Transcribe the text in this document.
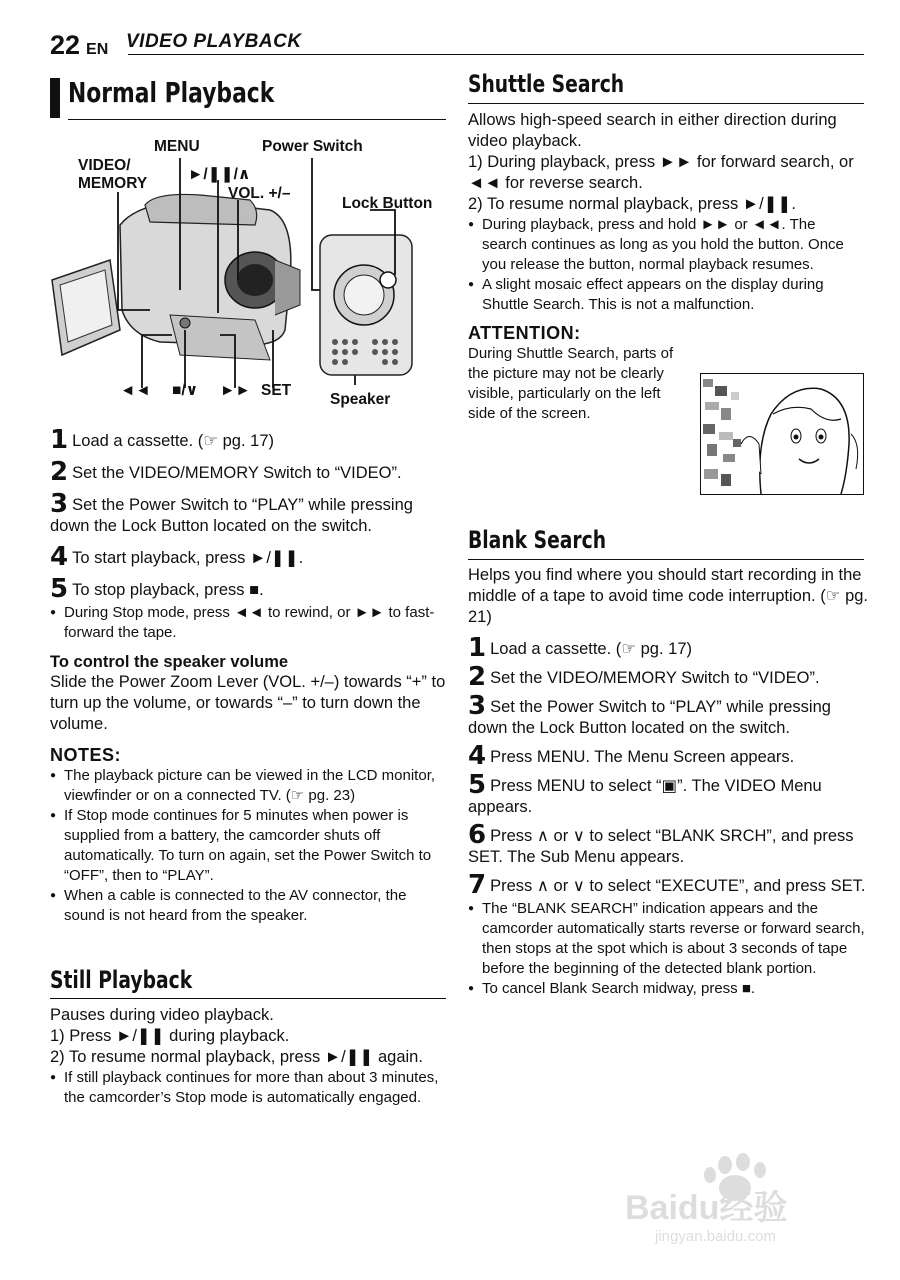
22 EN VIDEO PLAYBACK
Normal Playback
MENU	Power Switch
VIDEO/
MEMORY
►/❚❚/∧
VOL. +/–
Lock Button
◄◄ ■/∨ ►► SET
Speaker
1 Load a cassette. (☞ pg. 17)
2 Set the VIDEO/MEMORY Switch to “VIDEO”.
3 Set the Power Switch to “PLAY” while pressing down the Lock Button located on the switch.
4 To start playback, press ►/❚❚.
5 To stop playback, press ■.
● During Stop mode, press ◄◄ to rewind, or ►► to fast-forward the tape.
To control the speaker volume
Slide the Power Zoom Lever (VOL. +/–) towards “+” to turn up the volume, or towards “–” to turn down the volume.
NOTES:
● The playback picture can be viewed in the LCD monitor, viewfinder or on a connected TV. (☞ pg. 23)
● If Stop mode continues for 5 minutes when power is supplied from a battery, the camcorder shuts off automatically. To turn on again, set the Power Switch to “OFF”, then to “PLAY”.
● When a cable is connected to the AV connector, the sound is not heard from the speaker.
Still Playback
Pauses during video playback.
1) Press ►/❚❚ during playback.
2) To resume normal playback, press ►/❚❚ again.
● If still playback continues for more than about 3 minutes, the camcorder’s Stop mode is automatically engaged.
Shuttle Search
Allows high-speed search in either direction during video playback.
1) During playback, press ►► for forward search, or ◄◄ for reverse search.
2) To resume normal playback, press ►/❚❚.
● During playback, press and hold ►► or ◄◄. The search continues as long as you hold the button. Once you release the button, normal playback resumes.
● A slight mosaic effect appears on the display during Shuttle Search. This is not a malfunction.
ATTENTION:
During Shuttle Search, parts of the picture may not be clearly visible, particularly on the left side of the screen.
Blank Search
Helps you find where you should start recording in the middle of a tape to avoid time code interruption. (☞ pg. 21)
1 Load a cassette. (☞ pg. 17)
2 Set the VIDEO/MEMORY Switch to “VIDEO”.
3 Set the Power Switch to “PLAY” while pressing down the Lock Button located on the switch.
4 Press MENU. The Menu Screen appears.
5 Press MENU to select “▣”. The VIDEO Menu appears.
6 Press ∧ or ∨ to select “BLANK SRCH”, and press SET. The Sub Menu appears.
7 Press ∧ or ∨ to select “EXECUTE”, and press SET.
● The “BLANK SEARCH” indication appears and the camcorder automatically starts reverse or forward search, then stops at the spot which is about 3 seconds of tape before the beginning of the detected blank portion.
● To cancel Blank Search midway, press ■.
Baidu经验
jingyan.baidu.com
